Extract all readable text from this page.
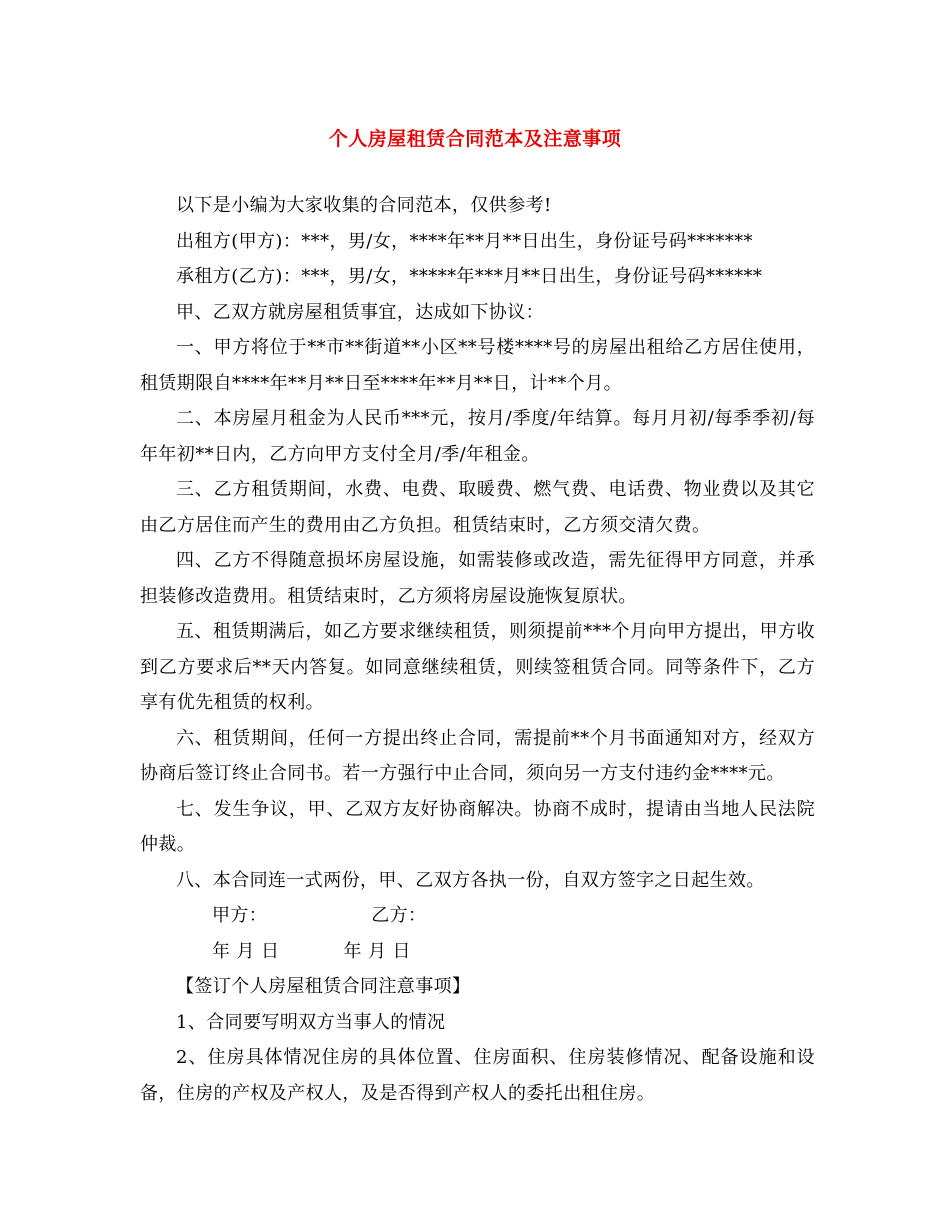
个人房屋租赁合同范本及注意事项

以下是小编为大家收集的合同范本，仅供参考!

出租方(甲方)：***，男/女，****年**月**日出生，身份证号码*******

承租方(乙方)：***，男/女，*****年***月**日出生，身份证号码******

甲、乙双方就房屋租赁事宜，达成如下协议：

一、甲方将位于**市**街道**小区**号楼****号的房屋出租给乙方居住使用，租赁期限自****年**月**日至****年**月**日，计**个月。

二、本房屋月租金为人民币***元，按月/季度/年结算。每月月初/每季季初/每年年初**日内，乙方向甲方支付全月/季/年租金。

三、乙方租赁期间，水费、电费、取暖费、燃气费、电话费、物业费以及其它由乙方居住而产生的费用由乙方负担。租赁结束时，乙方须交清欠费。

四、乙方不得随意损坏房屋设施，如需装修或改造，需先征得甲方同意，并承担装修改造费用。租赁结束时，乙方须将房屋设施恢复原状。

五、租赁期满后，如乙方要求继续租赁，则须提前***个月向甲方提出，甲方收到乙方要求后**天内答复。如同意继续租赁，则续签租赁合同。同等条件下，乙方享有优先租赁的权利。

六、租赁期间，任何一方提出终止合同，需提前**个月书面通知对方，经双方协商后签订终止合同书。若一方强行中止合同，须向另一方支付违约金****元。

七、发生争议，甲、乙双方友好协商解决。协商不成时，提请由当地人民法院仲裁。

八、本合同连一式两份，甲、乙双方各执一份，自双方签字之日起生效。

甲方：	乙方：

年 月 日	年 月 日

【签订个人房屋租赁合同注意事项】

1、合同要写明双方当事人的情况

2、住房具体情况住房的具体位置、住房面积、住房装修情况、配备设施和设备，住房的产权及产权人，及是否得到产权人的委托出租住房。
